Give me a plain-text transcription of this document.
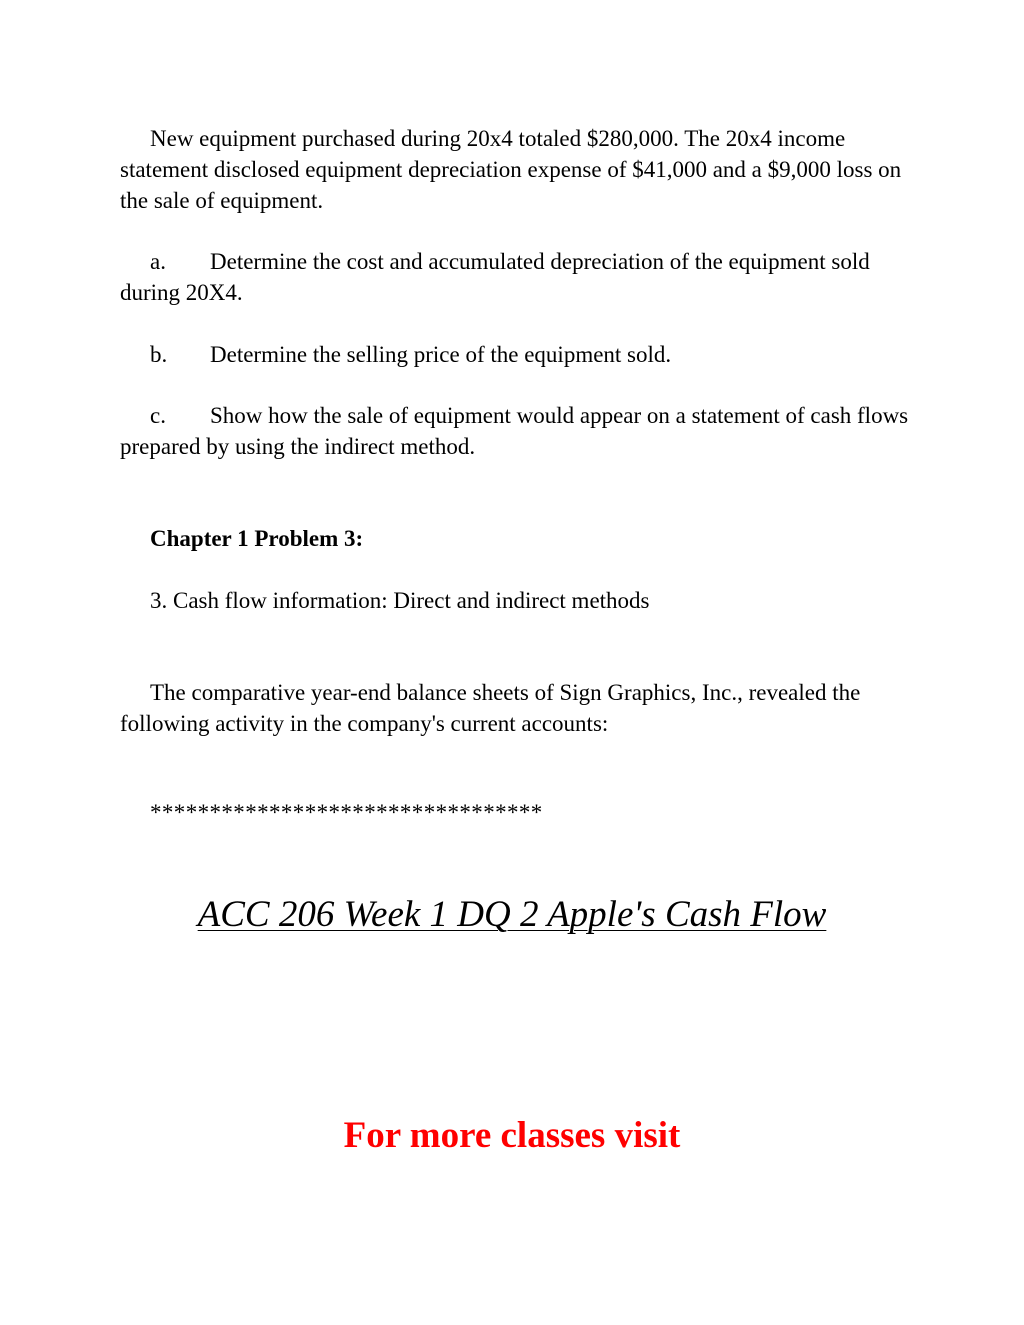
New equipment purchased during 20x4 totaled $280,000. The 20x4 income statement disclosed equipment depreciation expense of $41,000 and a $9,000 loss on the sale of equipment.

a. Determine the cost and accumulated depreciation of the equipment sold during 20X4.

b. Determine the selling price of the equipment sold.

c. Show how the sale of equipment would appear on a statement of cash flows prepared by using the indirect method.

Chapter 1 Problem 3:

3. Cash flow information: Direct and indirect methods

The comparative year-end balance sheets of Sign Graphics, Inc., revealed the following activity in the company's current accounts:

*********************************

ACC 206 Week 1 DQ 2 Apple's Cash Flow
For more classes visit
